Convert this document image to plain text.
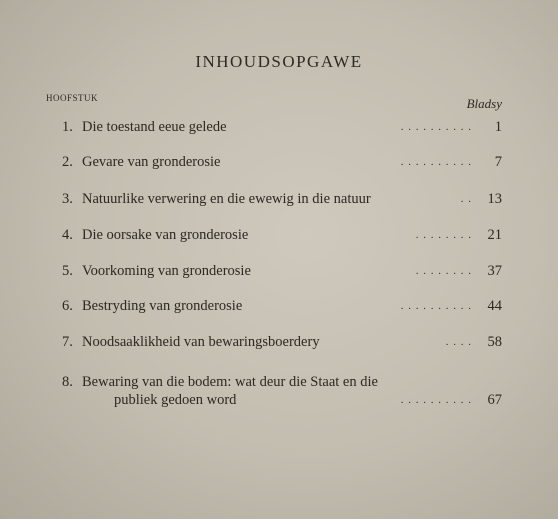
INHOUDSOPGAWE
HOOFSTUK	Bladsy
1. Die toestand eeue gelede	. . . . . . . . . . 1
2. Gevare van gronderosie	. . . . . . . . . . 7
3. Natuurlike verwering en die ewewig in die natuur	. . 13
4. Die oorsake van gronderosie	. . . . . . . . 21
5. Voorkoming van gronderosie	. . . . . . . . 37
6. Bestryding van gronderosie	. . . . . . . . . . 44
7. Noodsaaklikheid van bewaringsboerdery	. . . . 58
8. Bewaring van die bodem: wat deur die Staat en die
publiek gedoen word	. . . . . . . . . . 67
